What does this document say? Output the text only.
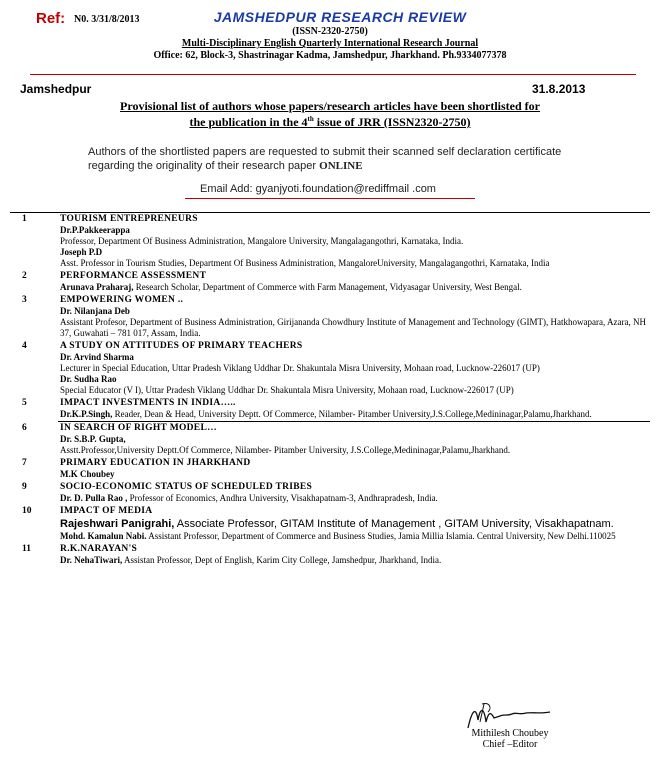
Ref: N0. 3/31/8/2013	JAMSHEDPUR RESEARCH REVIEW
(ISSN-2320-2750)
Multi-Disciplinary English Quarterly International Research Journal
Office: 62, Block-3, Shastrinagar Kadma, Jamshedpur, Jharkhand. Ph.9334077378
Jamshedpur	31.8.2013
Provisional list of authors whose papers/research articles have been shortlisted for
the publication in the 4th issue of JRR (ISSN2320-2750)
Authors of the shortlisted papers are requested to submit their scanned self declaration certificate regarding the originality of their research paper ONLINE
Email Add: gyanjyoti.foundation@rediffmail .com
1	TOURISM ENTREPRENEURS
Dr.P.Pakkeerappa
Professor, Department Of Business Administration, Mangalore University, Mangalagangothri, Karnataka, India.
Joseph P.D
Asst. Professor in Tourism Studies, Department Of Business Administration, MangaloreUniversity, Mangalagangothri, Karnataka, India

2	PERFORMANCE ASSESSMENT
Arunava Praharaj, Research Scholar, Department of Commerce with Farm Management, Vidyasagar University, West Bengal.

3	EMPOWERING WOMEN ..
Dr. Nilanjana Deb
Assistant Profesor, Department of Business Administration, Girijananda Chowdhury Institute of Management and Technology (GIMT), Hatkhowapara, Azara, NH 37, Guwahati – 781 017, Assam, India.

4	A STUDY ON ATTITUDES OF PRIMARY TEACHERS
Dr. Arvind Sharma
Lecturer in Special Education, Uttar Pradesh Viklang Uddhar Dr. Shakuntala Misra University, Mohaan road, Lucknow-226017 (UP)
Dr. Sudha Rao
Special Educator (V I), Uttar Pradesh Viklang Uddhar Dr. Shakuntala Misra University, Mohaan road, Lucknow-226017 (UP)

5	IMPACT INVESTMENTS IN INDIA…..
Dr.K.P.Singh, Reader, Dean & Head, University Deptt. Of Commerce, Nilamber- Pitamber University,J.S.College,Medininagar,Palamu,Jharkhand.

6	IN SEARCH OF RIGHT MODEL…
Dr. S.B.P. Gupta,
Asstt.Professor,University Deptt.Of Commerce, Nilamber- Pitamber University, J.S.College,Medininagar,Palamu,Jharkhand.

7	PRIMARY EDUCATION IN JHARKHAND
M.K Choubey

9	SOCIO-ECONOMIC STATUS OF SCHEDULED TRIBES
Dr. D. Pulla Rao , Professor of Economics, Andhra University, Visakhapatnam-3, Andhrapradesh, India.

10	IMPACT OF MEDIA
Rajeshwari Panigrahi, Associate Professor, GITAM Institute of Management , GITAM University, Visakhapatnam.
Mohd. Kamalun Nabi. Assistant Professor, Department of Commerce and Business Studies, Jamia Millia Islamia. Central University, New Delhi.110025

11	R.K.NARAYAN'S
Dr. NehaTiwari, Assistan Professor, Dept of English, Karim City College, Jamshedpur, Jharkhand, India.
Mithilesh Choubey
Chief –Editor
